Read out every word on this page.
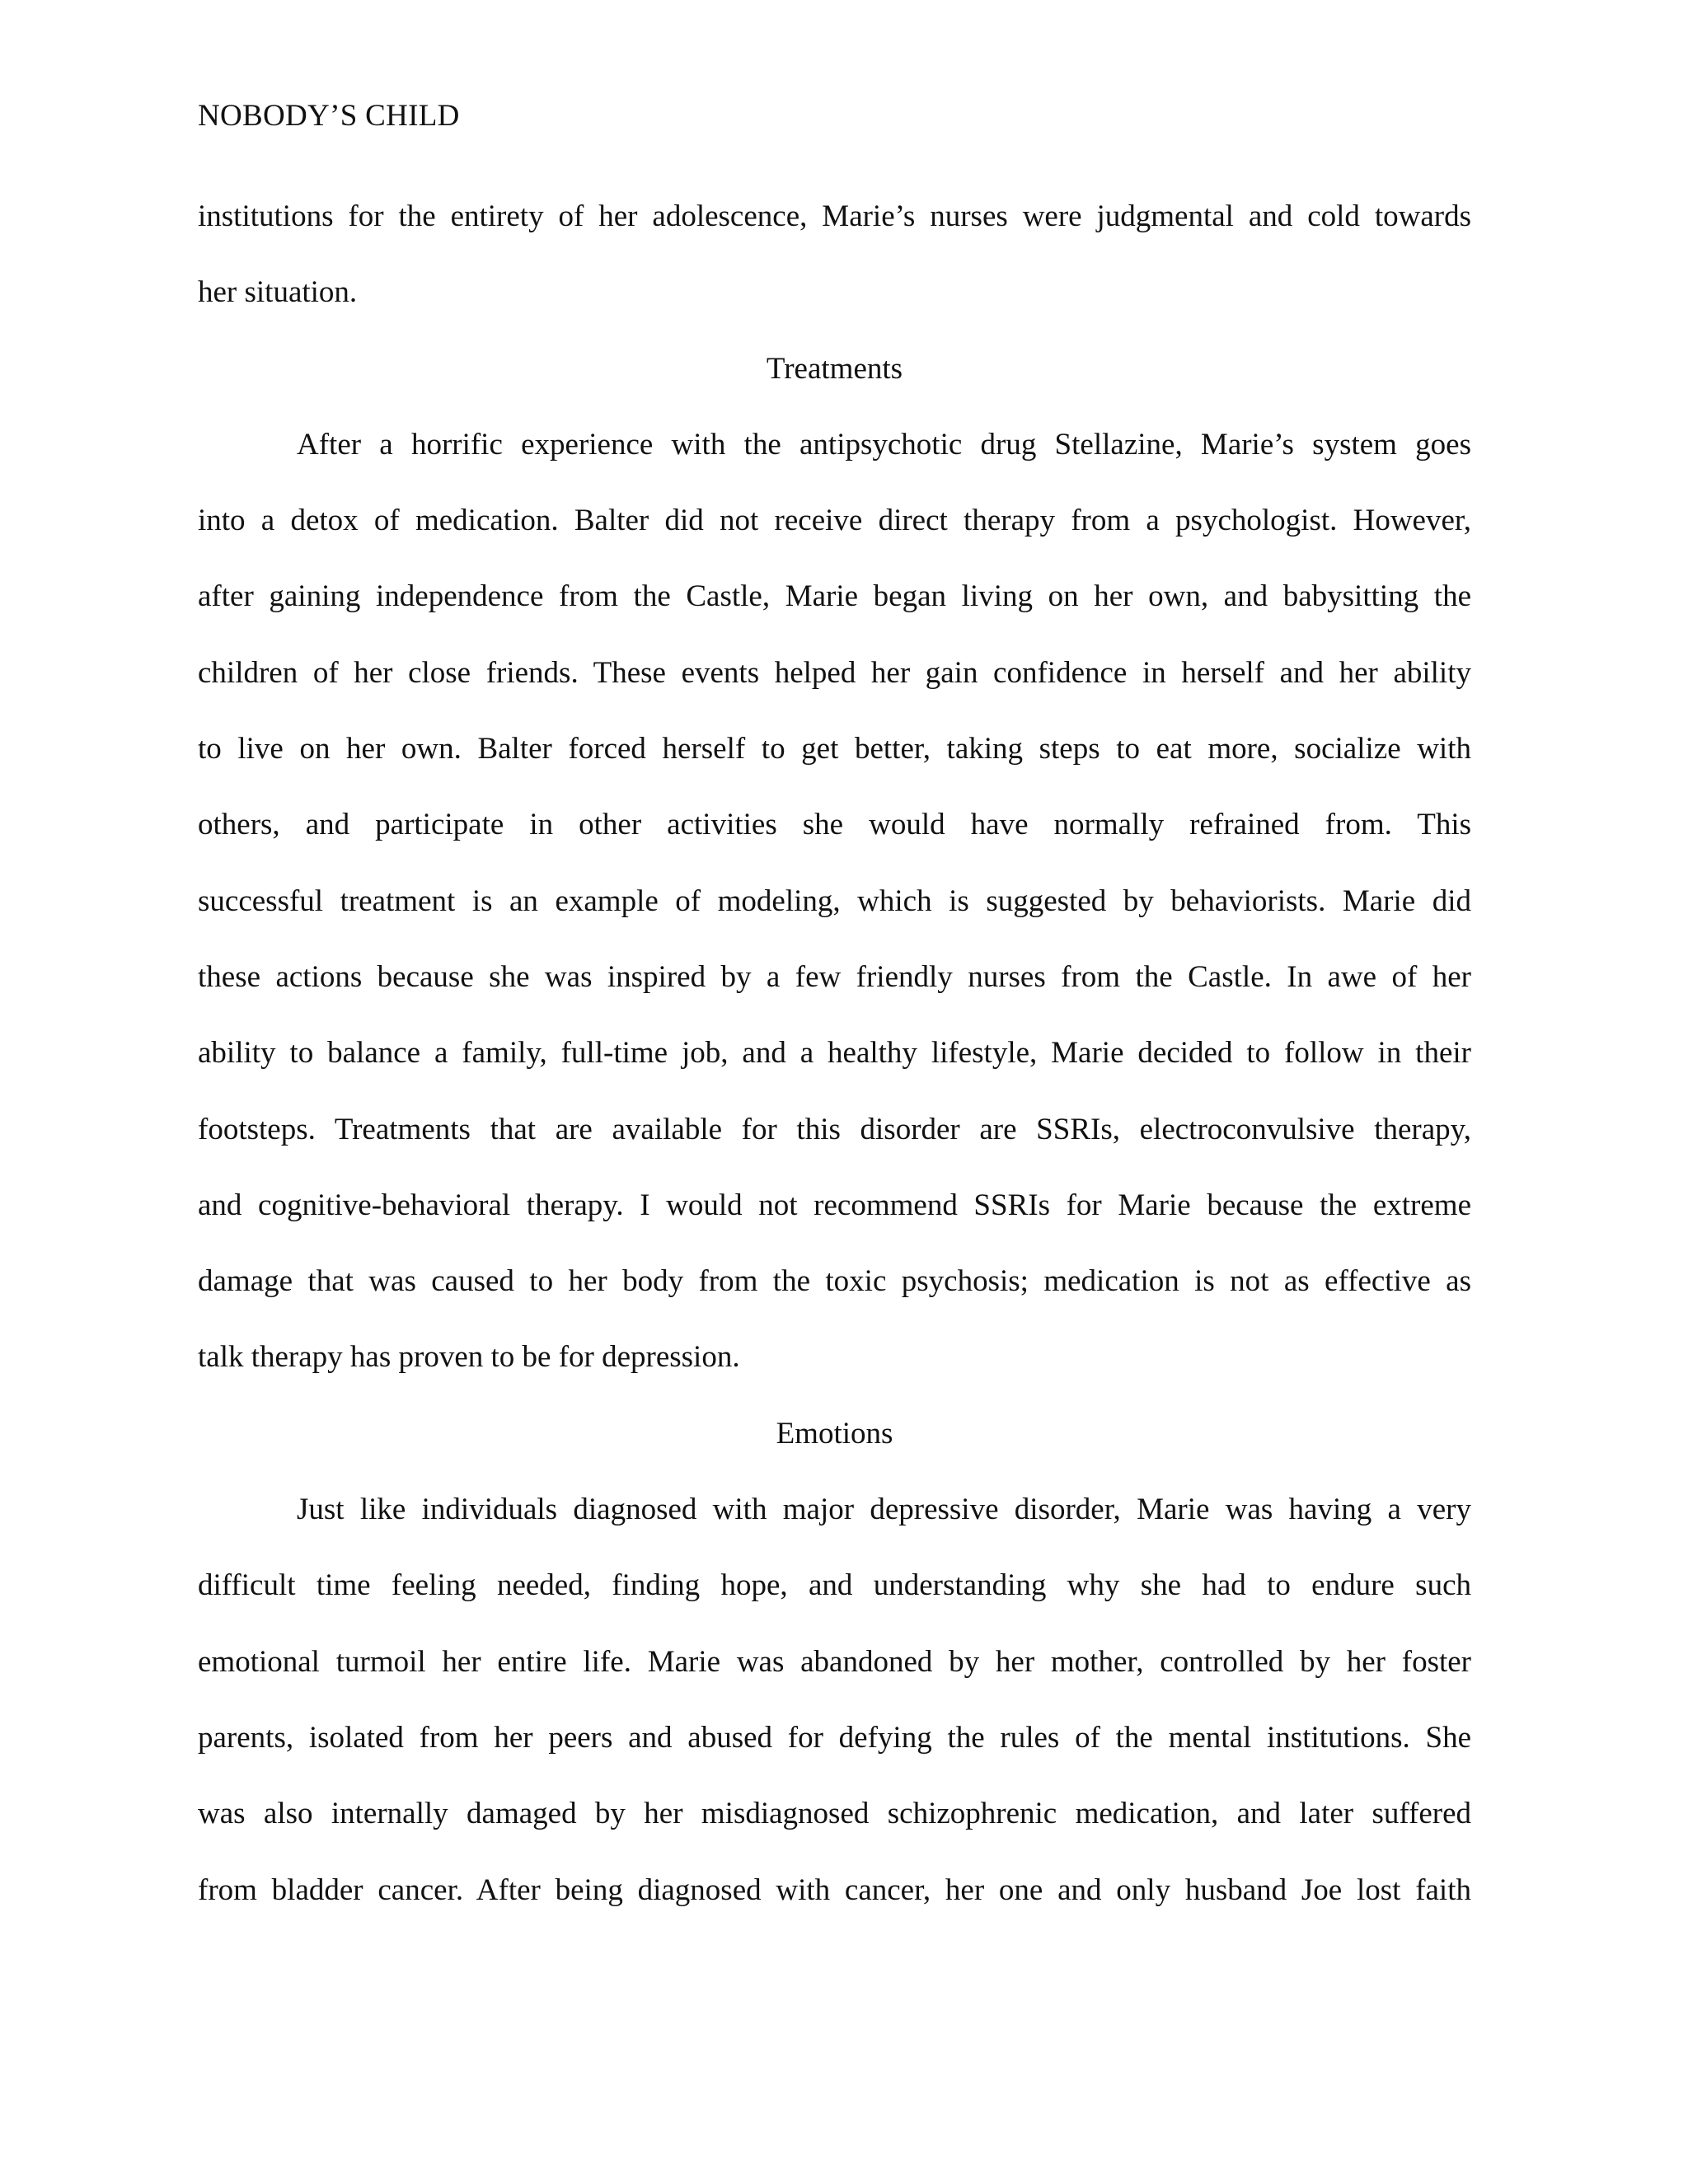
NOBODY’S CHILD
institutions for the entirety of her adolescence, Marie’s nurses were judgmental and cold towards
her situation.
Treatments
After a horrific experience with the antipsychotic drug Stellazine, Marie’s system goes
into a detox of medication. Balter did not receive direct therapy from a psychologist. However,
after gaining independence from the Castle, Marie began living on her own, and babysitting the
children of her close friends. These events helped her gain confidence in herself and her ability
to live on her own. Balter forced herself to get better, taking steps to eat more, socialize with
others, and participate in other activities she would have normally refrained from. This
successful treatment is an example of modeling, which is suggested by behaviorists. Marie did
these actions because she was inspired by a few friendly nurses from the Castle. In awe of her
ability to balance a family, full-time job, and a healthy lifestyle, Marie decided to follow in their
footsteps. Treatments that are available for this disorder are SSRIs, electroconvulsive therapy,
and cognitive-behavioral therapy. I would not recommend SSRIs for Marie because the extreme
damage that was caused to her body from the toxic psychosis; medication is not as effective as
talk therapy has proven to be for depression.
Emotions
Just like individuals diagnosed with major depressive disorder, Marie was having a very
difficult time feeling needed, finding hope, and understanding why she had to endure such
emotional turmoil her entire life. Marie was abandoned by her mother, controlled by her foster
parents, isolated from her peers and abused for defying the rules of the mental institutions. She
was also internally damaged by her misdiagnosed schizophrenic medication, and later suffered
from bladder cancer. After being diagnosed with cancer, her one and only husband Joe lost faith
